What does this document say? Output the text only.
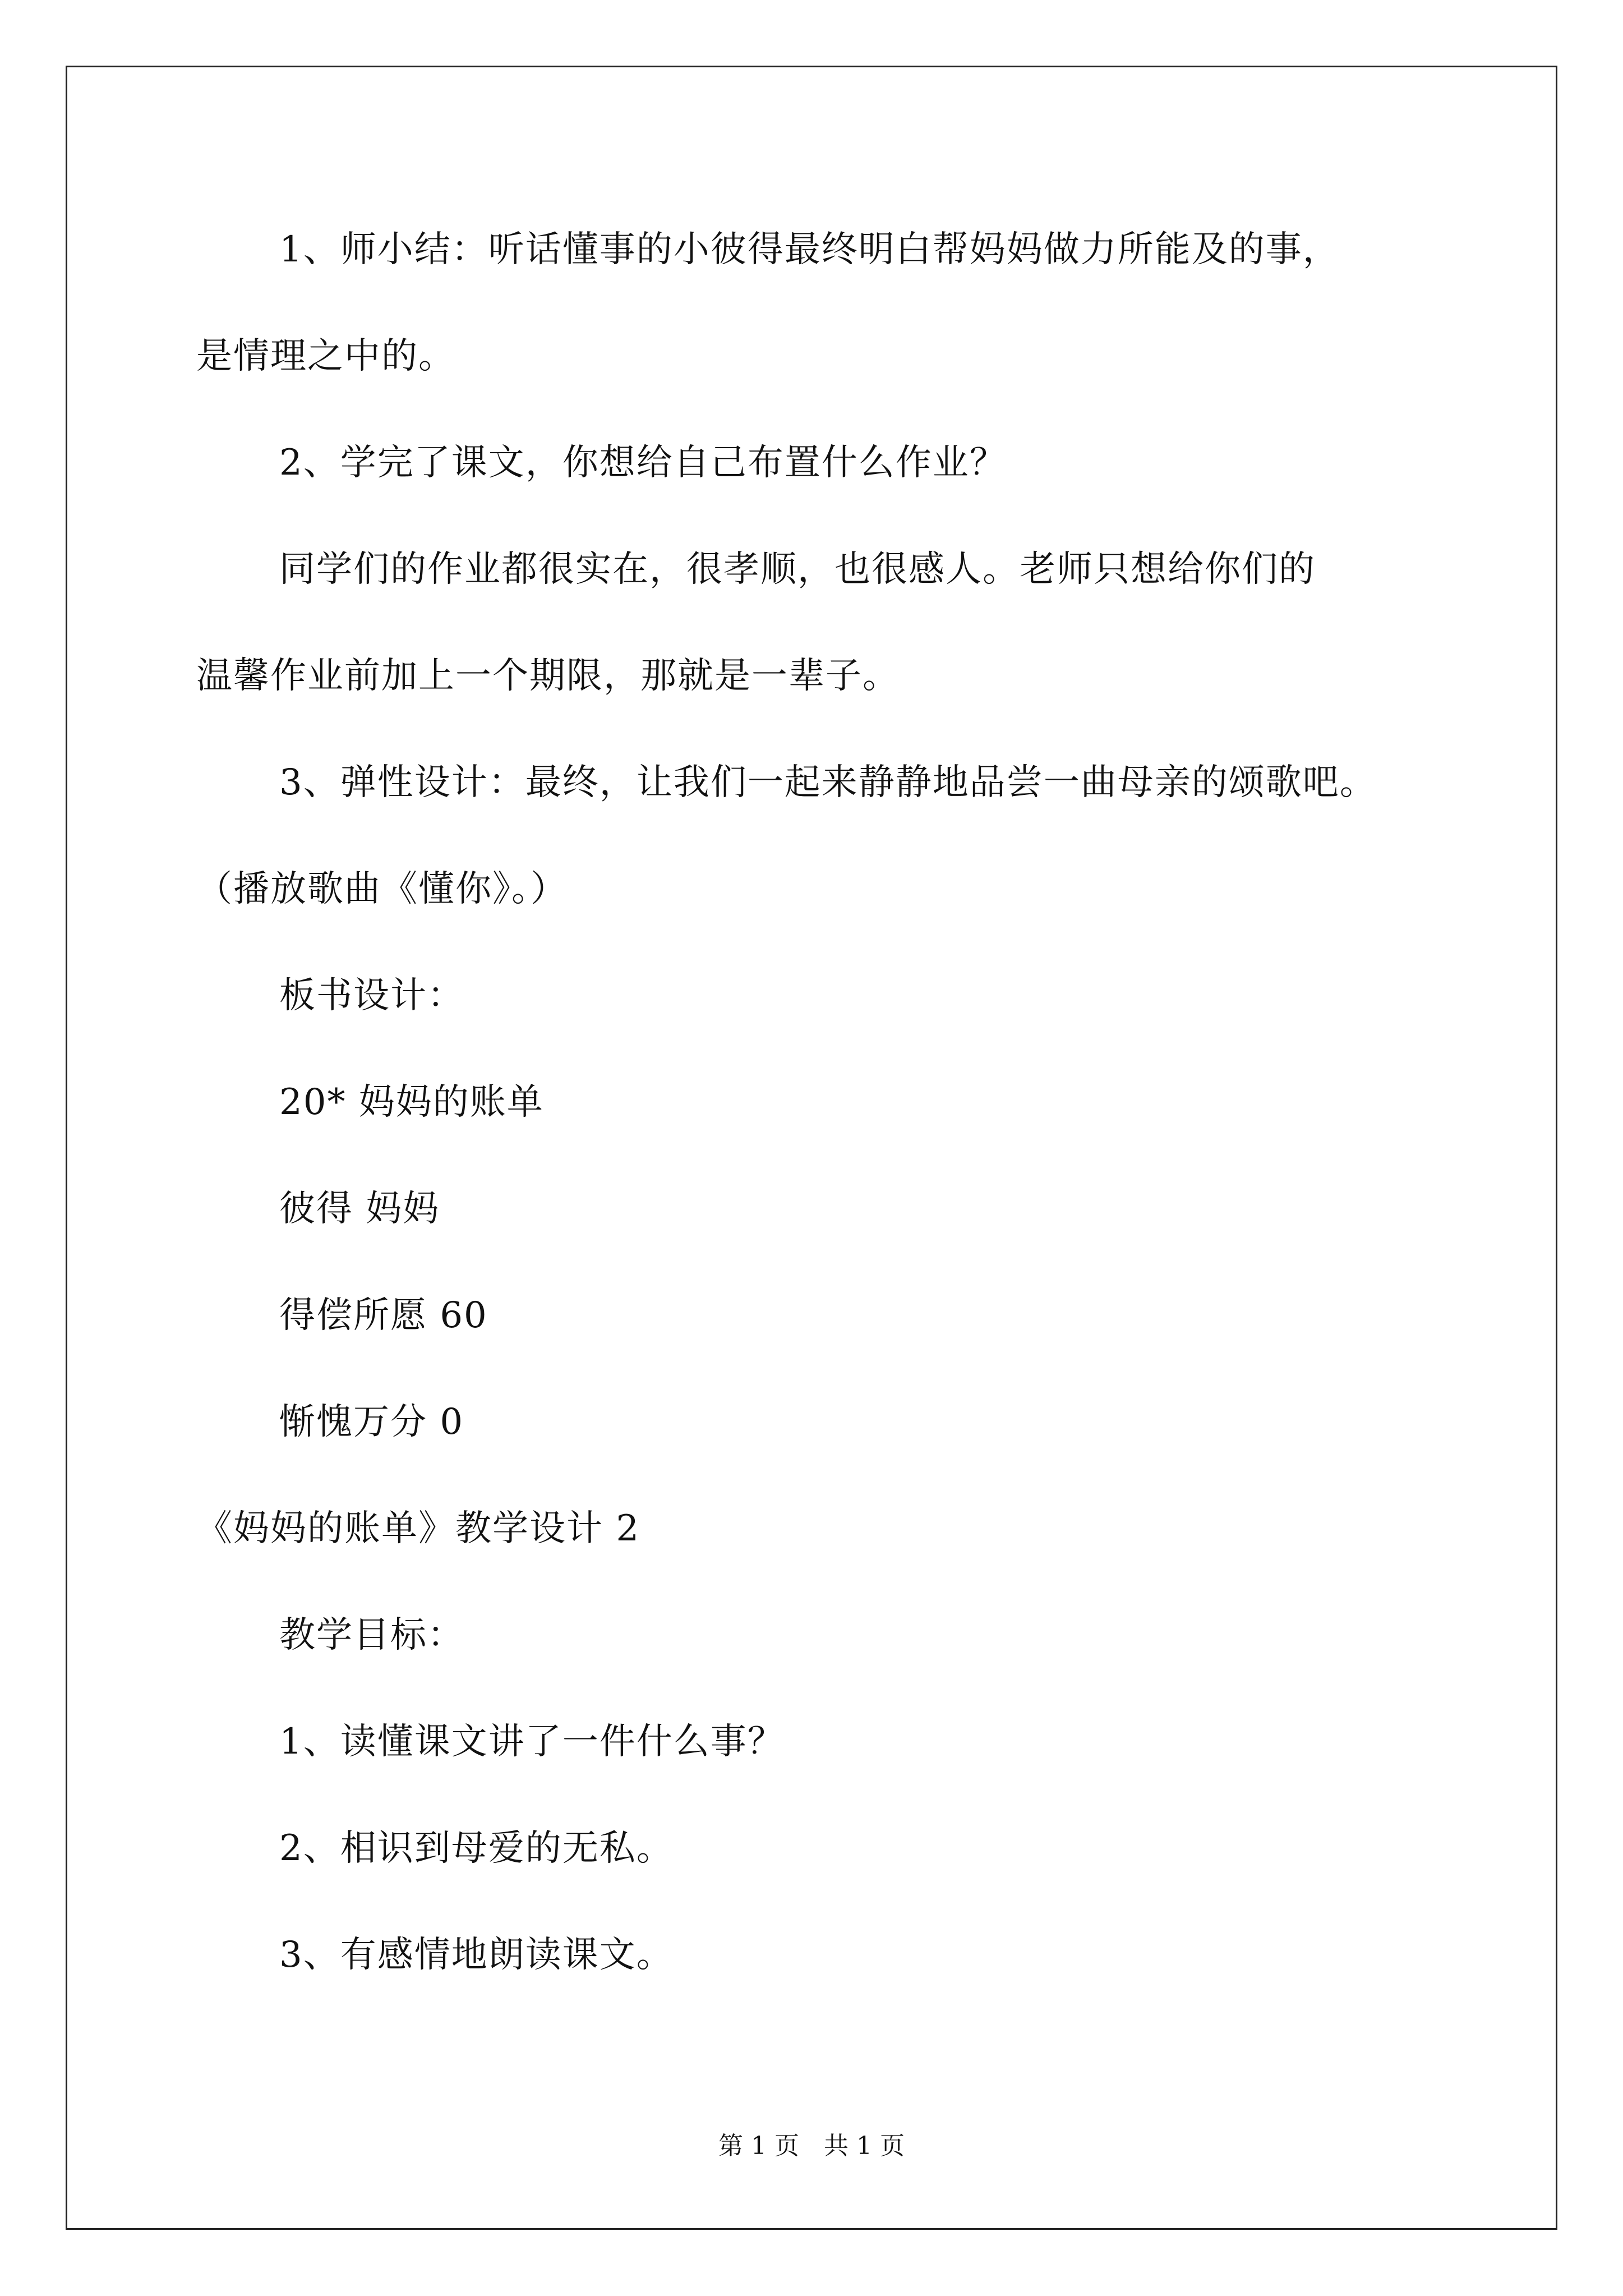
1、师小结：听话懂事的小彼得最终明白帮妈妈做力所能及的事，
是情理之中的。
2、学完了课文，你想给自己布置什么作业？
同学们的作业都很实在，很孝顺，也很感人。老师只想给你们的
温馨作业前加上一个期限，那就是一辈子。
3、弹性设计：最终，让我们一起来静静地品尝一曲母亲的颂歌吧。
（播放歌曲《懂你》。）
板书设计：
20* 妈妈的账单
彼得 妈妈
得偿所愿 60
惭愧万分 0
《妈妈的账单》教学设计 2
教学目标：
1、读懂课文讲了一件什么事？
2、相识到母爱的无私。
3、有感情地朗读课文。
第 1 页 共 1 页
